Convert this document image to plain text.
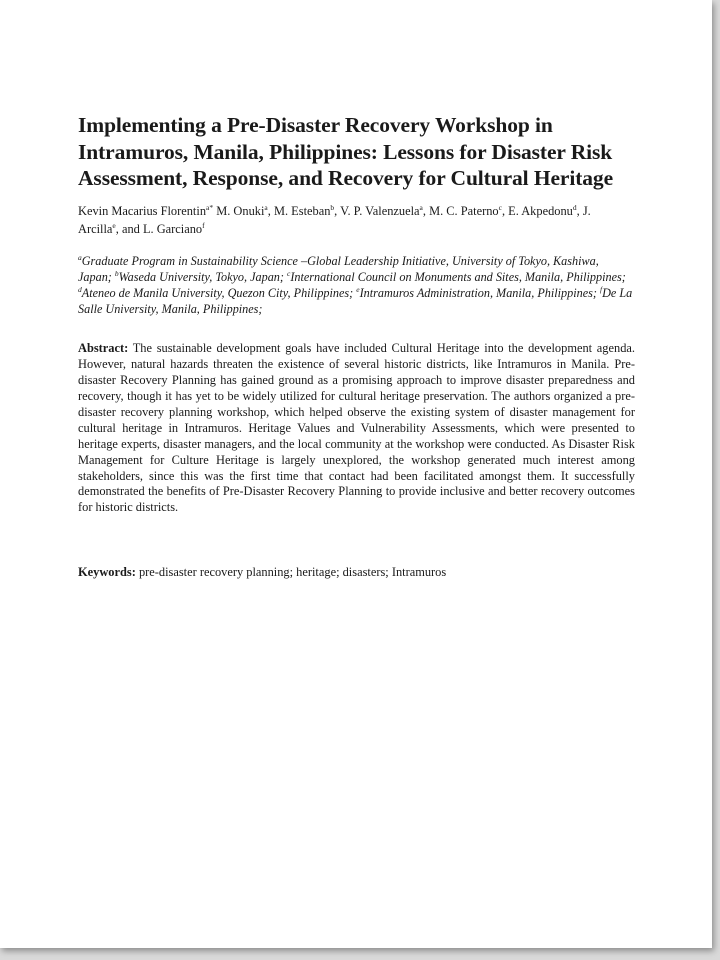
Implementing a Pre-Disaster Recovery Workshop in Intramuros, Manila, Philippines: Lessons for Disaster Risk Assessment, Response, and Recovery for Cultural Heritage

Kevin Macarius Florentin$^{a*}$ M. Onuki$^a$, M. Esteban$^b$, V. P. Valenzuela$^a$, M. C. Paterno$^c$, E. Akpedonu$^d$, J. Arcilla$^e$, and L. Garciano$^f$

$^a$Graduate Program in Sustainability Science –Global Leadership Initiative, University of Tokyo, Kashiwa, Japan; $^b$Waseda University, Tokyo, Japan; $^c$International Council on Monuments and Sites, Manila, Philippines; $^d$Ateneo de Manila University, Quezon City, Philippines; $^e$Intramuros Administration, Manila, Philippines; $^f$De La Salle University, Manila, Philippines;

Abstract: The sustainable development goals have included Cultural Heritage into the development agenda. However, natural hazards threaten the existence of several historic districts, like Intramuros in Manila. Pre-disaster Recovery Planning has gained ground as a promising approach to improve disaster preparedness and recovery, though it has yet to be widely utilized for cultural heritage preservation. The authors organized a pre-disaster recovery planning workshop, which helped observe the existing system of disaster management for cultural heritage in Intramuros. Heritage Values and Vulnerability Assessments, which were presented to heritage experts, disaster managers, and the local community at the workshop were conducted. As Disaster Risk Management for Culture Heritage is largely unexplored, the workshop generated much interest among stakeholders, since this was the first time that contact had been facilitated amongst them. It successfully demonstrated the benefits of Pre-Disaster Recovery Planning to provide inclusive and better recovery outcomes for historic districts.

Keywords: pre-disaster recovery planning; heritage; disasters; Intramuros
